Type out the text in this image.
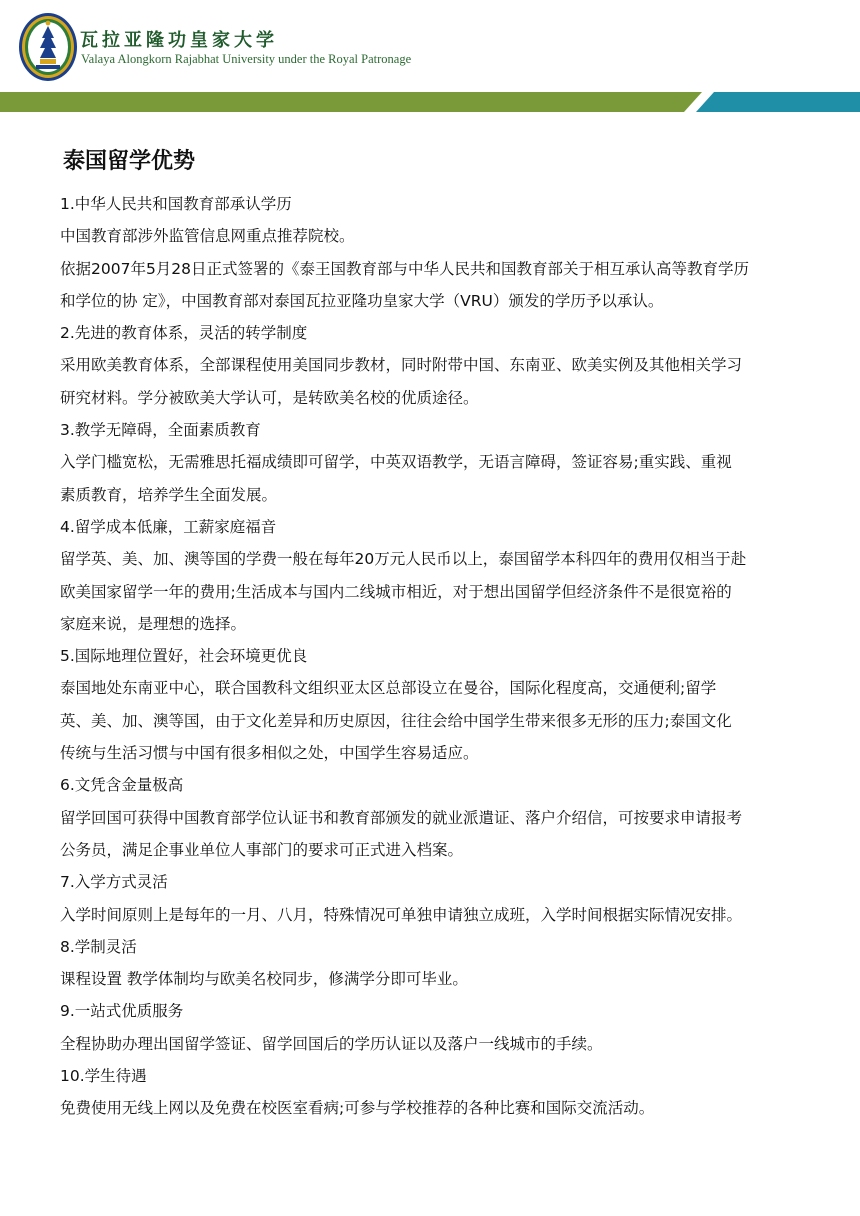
瓦拉亚隆功皇家大学
Valaya Alongkorn Rajabhat University under the Royal Patronage
泰国留学优势

1.中华人民共和国教育部承认学历

中国教育部涉外监管信息网重点推荐院校。

依据2007年5月28日正式签署的《泰王国教育部与中华人民共和国教育部关于相互承认高等教育学历

和学位的协 定》，中国教育部对泰国瓦拉亚隆功皇家大学（VRU）颁发的学历予以承认。

2.先进的教育体系，灵活的转学制度

采用欧美教育体系，全部课程使用美国同步教材，同时附带中国、东南亚、欧美实例及其他相关学习

研究材料。学分被欧美大学认可，是转欧美名校的优质途径。

3.教学无障碍，全面素质教育

入学门槛宽松，无需雅思托福成绩即可留学，中英双语教学，无语言障碍，签证容易;重实践、重视

素质教育，培养学生全面发展。

4.留学成本低廉，工薪家庭福音

留学英、美、加、澳等国的学费一般在每年20万元人民币以上，泰国留学本科四年的费用仅相当于赴

欧美国家留学一年的费用;生活成本与国内二线城市相近，对于想出国留学但经济条件不是很宽裕的

家庭来说，是理想的选择。

5.国际地理位置好，社会环境更优良

泰国地处东南亚中心，联合国教科文组织亚太区总部设立在曼谷，国际化程度高，交通便利;留学

英、美、加、澳等国，由于文化差异和历史原因，往往会给中国学生带来很多无形的压力;泰国文化

传统与生活习惯与中国有很多相似之处，中国学生容易适应。

6.文凭含金量极高

留学回国可获得中国教育部学位认证书和教育部颁发的就业派遣证、落户介绍信，可按要求申请报考

公务员，满足企事业单位人事部门的要求可正式进入档案。

7.入学方式灵活

入学时间原则上是每年的一月、八月，特殊情况可单独申请独立成班，入学时间根据实际情况安排。

8.学制灵活

课程设置 教学体制均与欧美名校同步，修满学分即可毕业。

9.一站式优质服务

全程协助办理出国留学签证、留学回国后的学历认证以及落户一线城市的手续。

10.学生待遇

免费使用无线上网以及免费在校医室看病;可参与学校推荐的各种比赛和国际交流活动。
